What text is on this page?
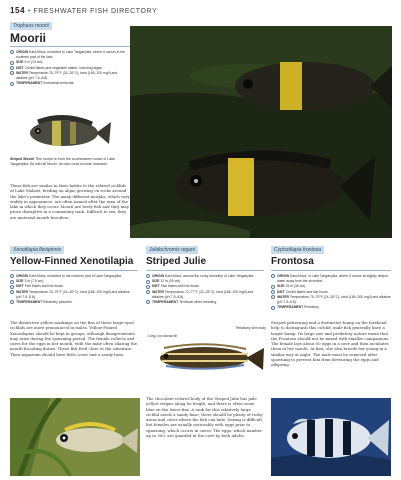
154 • FRESHWATER FISH DIRECTORY
Tropheus moorii
Moorii
ORIGIN East Africa; restricted to Lake Tanganyika, where it occurs in the southern part of the lake.
SIZE 5 in (13 cm).
DIET Cichlid flakes and vegetable matter, including algae.
WATER Temperature 75–79°F (24–26°C); hard (165–200 mg/l) and alkaline (pH 7.5–8.8).
TEMPERAMENT Somewhat territorial.
Striped Moorii This morph is from the southeastern coast of Lake Tanganyika. As with all Moorii, its care must include rockwork.
These fish are similar in their habits to the related cichlids of Lake Malawi, feeding on algae growing on rocks around the lake's perimeter. The many different morphs, which vary widely in appearance, are often named after the area of the lake in which they occur. Moorii are lively fish and they may prove disruptive in a community tank. Difficult to sex, they are maternal mouth-brooders.
Xenotilapia flavipinnis	Julidochromis regani	Cyphotilapia frontosa
Yellow-Finned Xenotilapia Striped Julie	Frontosa
ORIGIN East Africa; restricted to the northern part of Lake Tanganyika.
SIZE 3 in (7.5 cm).
DIET Fish flakes and live foods.
WATER Temperature 75–79°F (24–26°C); hard (165–200 mg/l) and alkaline (pH 7.5–8.8).
TEMPERAMENT Relatively peaceful.
ORIGIN East Africa, around the rocky shoreline of Lake Tanganyika.
SIZE 12 in (30 cm).
DIET Fish flakes and live foods.
WATER Temperature 72–77°F (22–25°C); hard (165–200 mg/l) and alkaline (pH 7.5–8.8).
TEMPERAMENT Territorial when breeding.
ORIGIN East Africa; in Lake Tanganyika, where it occurs at slightly deeper water away from the shoreline.
SIZE 15 in (35 cm).
DIET Cichlid flakes and live foods.
WATER Temperature 75–79°F (24–26°C); hard (165–200 mg/l) and alkaline (pH 7.5–8.8).
TEMPERAMENT Predatory.
The distinctive yellow markings on the fins of these large-eyed cichlids are more pronounced in males. Yellow-Finned Xenotilapias should be kept in groups, although disagreements may arise during the spawning period. The female collects and cares for the eggs in her mouth, with the male often sharing the mouth-brooding duties. These fish feed close to the substrate. Their aquarium should have little cover and a sandy base.
Long, low dorsal fin
Relatively slim body
The chocolate-colored body of the Striped Julie has pale yellow stripes along its length, and there is often some blue on the lower fins. A tank for this relatively large cichlid needs a sandy base; there should be plenty of rocky areas and caves where the fish can hide. Sexing is difficult, but females are usually noticeably with eggs prior to spawning, which occurs in caves. The eggs, which number up to 300, are guarded in the cave by both adults.
Striped patterning and a distinctive hump on the forehead help to distinguish this cichlid; male fish generally have a larger hump. Its large size and predatory nature mean that the Frontosa should not be mixed with smaller companions. The female lays about 50 eggs in a cave and then incubates them in her mouth. At first, she also broods her young in a similar way at night. The male must be removed after spawning to prevent him from devouring the eggs and offspring.
